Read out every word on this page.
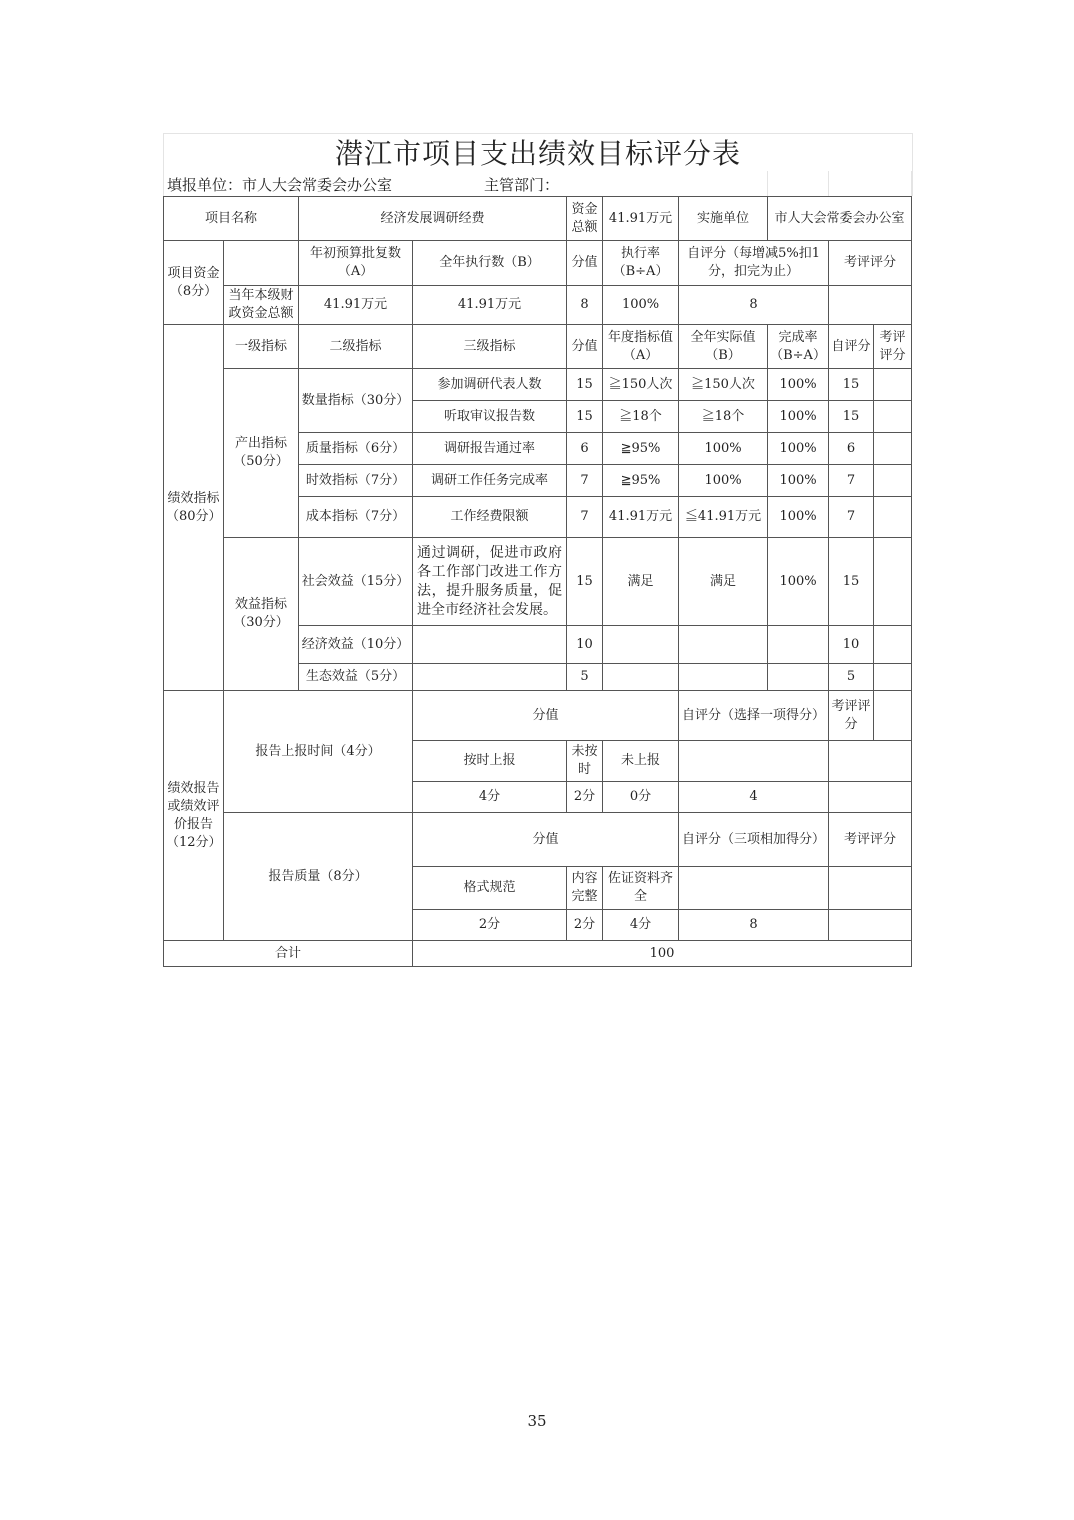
潜江市项目支出绩效目标评分表
填报单位：市人大会常委会办公室	主管部门：
项目名称		经济发展调研经费		资金总额	41.91万元	实施单位	市人大会常委会办公室		
项目资金（8分）		年初预算批复数（A）	全年执行数（B）	分值	执行率（B÷A）	自评分（每增减5%扣1分，扣完为止）		考评评分	
	当年本级财政资金总额	41.91万元	41.91万元	8	100%	8			
绩效指标（80分）	一级指标	二级指标	三级指标	分值	年度指标值（A）	全年实际值（B）	完成率（B÷A）	自评分	考评评分
	产出指标（50分）	数量指标（30分）	参加调研代表人数	15	≧150人次	≧150人次	100%	15	
			听取审议报告数	15	≧18个	≧18个	100%	15	
		质量指标（6分）	调研报告通过率	6	≧95%	100%	100%	6	
		时效指标（7分）	调研工作任务完成率	7	≧95%	100%	100%	7	
		成本指标（7分）	工作经费限额	7	41.91万元	≦41.91万元	100%	7	
	效益指标（30分）	社会效益（15分）	通过调研，促进市政府各工作部门改进工作方法，提升服务质量，促进全市经济社会发展。	15	满足	满足	100%	15	
		经济效益（10分）		10				10	
		生态效益（5分）		5				5	
绩效报告或绩效评价报告（12分）	报告上报时间（4分）		分值			自评分（选择一项得分）		考评评分	
			按时上报	未按时	未上报				
			4分	2分	0分	4			
	报告质量（8分）		分值			自评分（三项相加得分）		考评评分	
			格式规范	内容完整	佐证资料齐全				
			2分	2分	4分	8			
合计			100						
35
